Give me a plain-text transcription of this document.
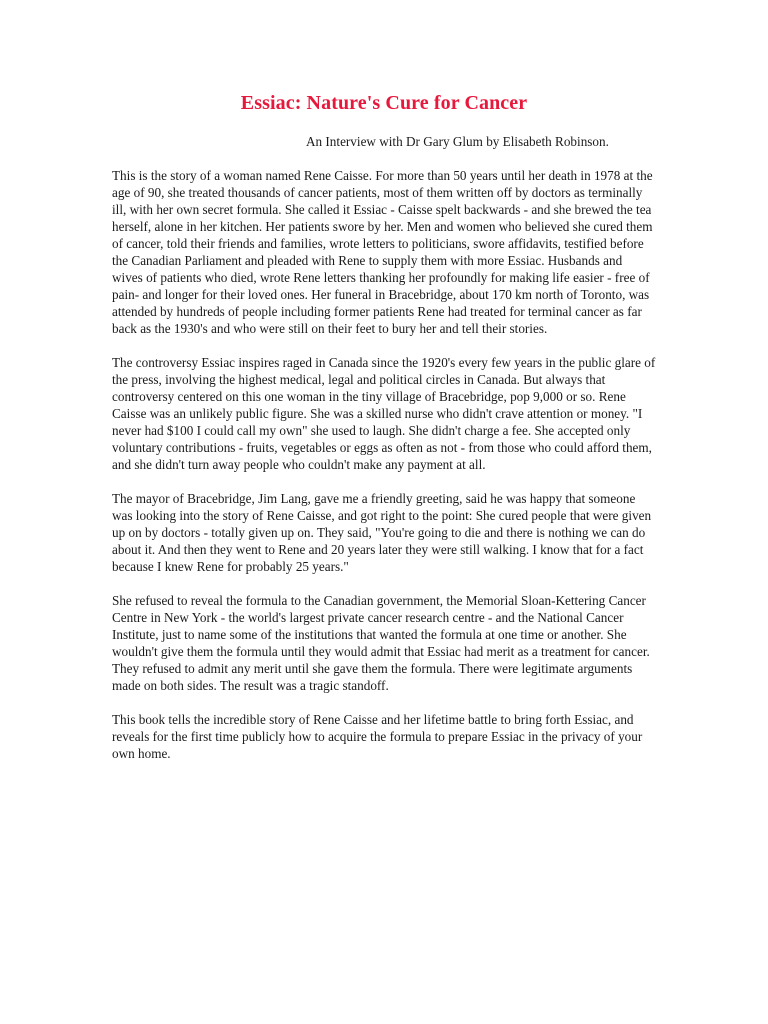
Essiac: Nature's Cure for Cancer

An Interview with Dr Gary Glum by Elisabeth Robinson.

This is the story of a woman named Rene Caisse. For more than 50 years until her death in 1978 at the age of 90, she treated thousands of cancer patients, most of them written off by doctors as terminally ill, with her own secret formula. She called it Essiac - Caisse spelt backwards - and she brewed the tea herself, alone in her kitchen. Her patients swore by her. Men and women who believed she cured them of cancer, told their friends and families, wrote letters to politicians, swore affidavits, testified before the Canadian Parliament and pleaded with Rene to supply them with more Essiac. Husbands and wives of patients who died, wrote Rene letters thanking her profoundly for making life easier - free of pain- and longer for their loved ones. Her funeral in Bracebridge, about 170 km north of Toronto, was attended by hundreds of people including former patients Rene had treated for terminal cancer as far back as the 1930's and who were still on their feet to bury her and tell their stories.

The controversy Essiac inspires raged in Canada since the 1920's every few years in the public glare of the press, involving the highest medical, legal and political circles in Canada. But always that controversy centered on this one woman in the tiny village of Bracebridge, pop 9,000 or so. Rene Caisse was an unlikely public figure. She was a skilled nurse who didn't crave attention or money. "I never had $100 I could call my own" she used to laugh. She didn't charge a fee. She accepted only voluntary contributions - fruits, vegetables or eggs as often as not - from those who could afford them, and she didn't turn away people who couldn't make any payment at all.

The mayor of Bracebridge, Jim Lang, gave me a friendly greeting, said he was happy that someone was looking into the story of Rene Caisse, and got right to the point: She cured people that were given up on by doctors - totally given up on. They said, "You're going to die and there is nothing we can do about it. And then they went to Rene and 20 years later they were still walking. I know that for a fact because I knew Rene for probably 25 years."

She refused to reveal the formula to the Canadian government, the Memorial Sloan-Kettering Cancer Centre in New York - the world's largest private cancer research centre - and the National Cancer Institute, just to name some of the institutions that wanted the formula at one time or another. She wouldn't give them the formula until they would admit that Essiac had merit as a treatment for cancer. They refused to admit any merit until she gave them the formula. There were legitimate arguments made on both sides. The result was a tragic standoff.

This book tells the incredible story of Rene Caisse and her lifetime battle to bring forth Essiac, and reveals for the first time publicly how to acquire the formula to prepare Essiac in the privacy of your own home.
